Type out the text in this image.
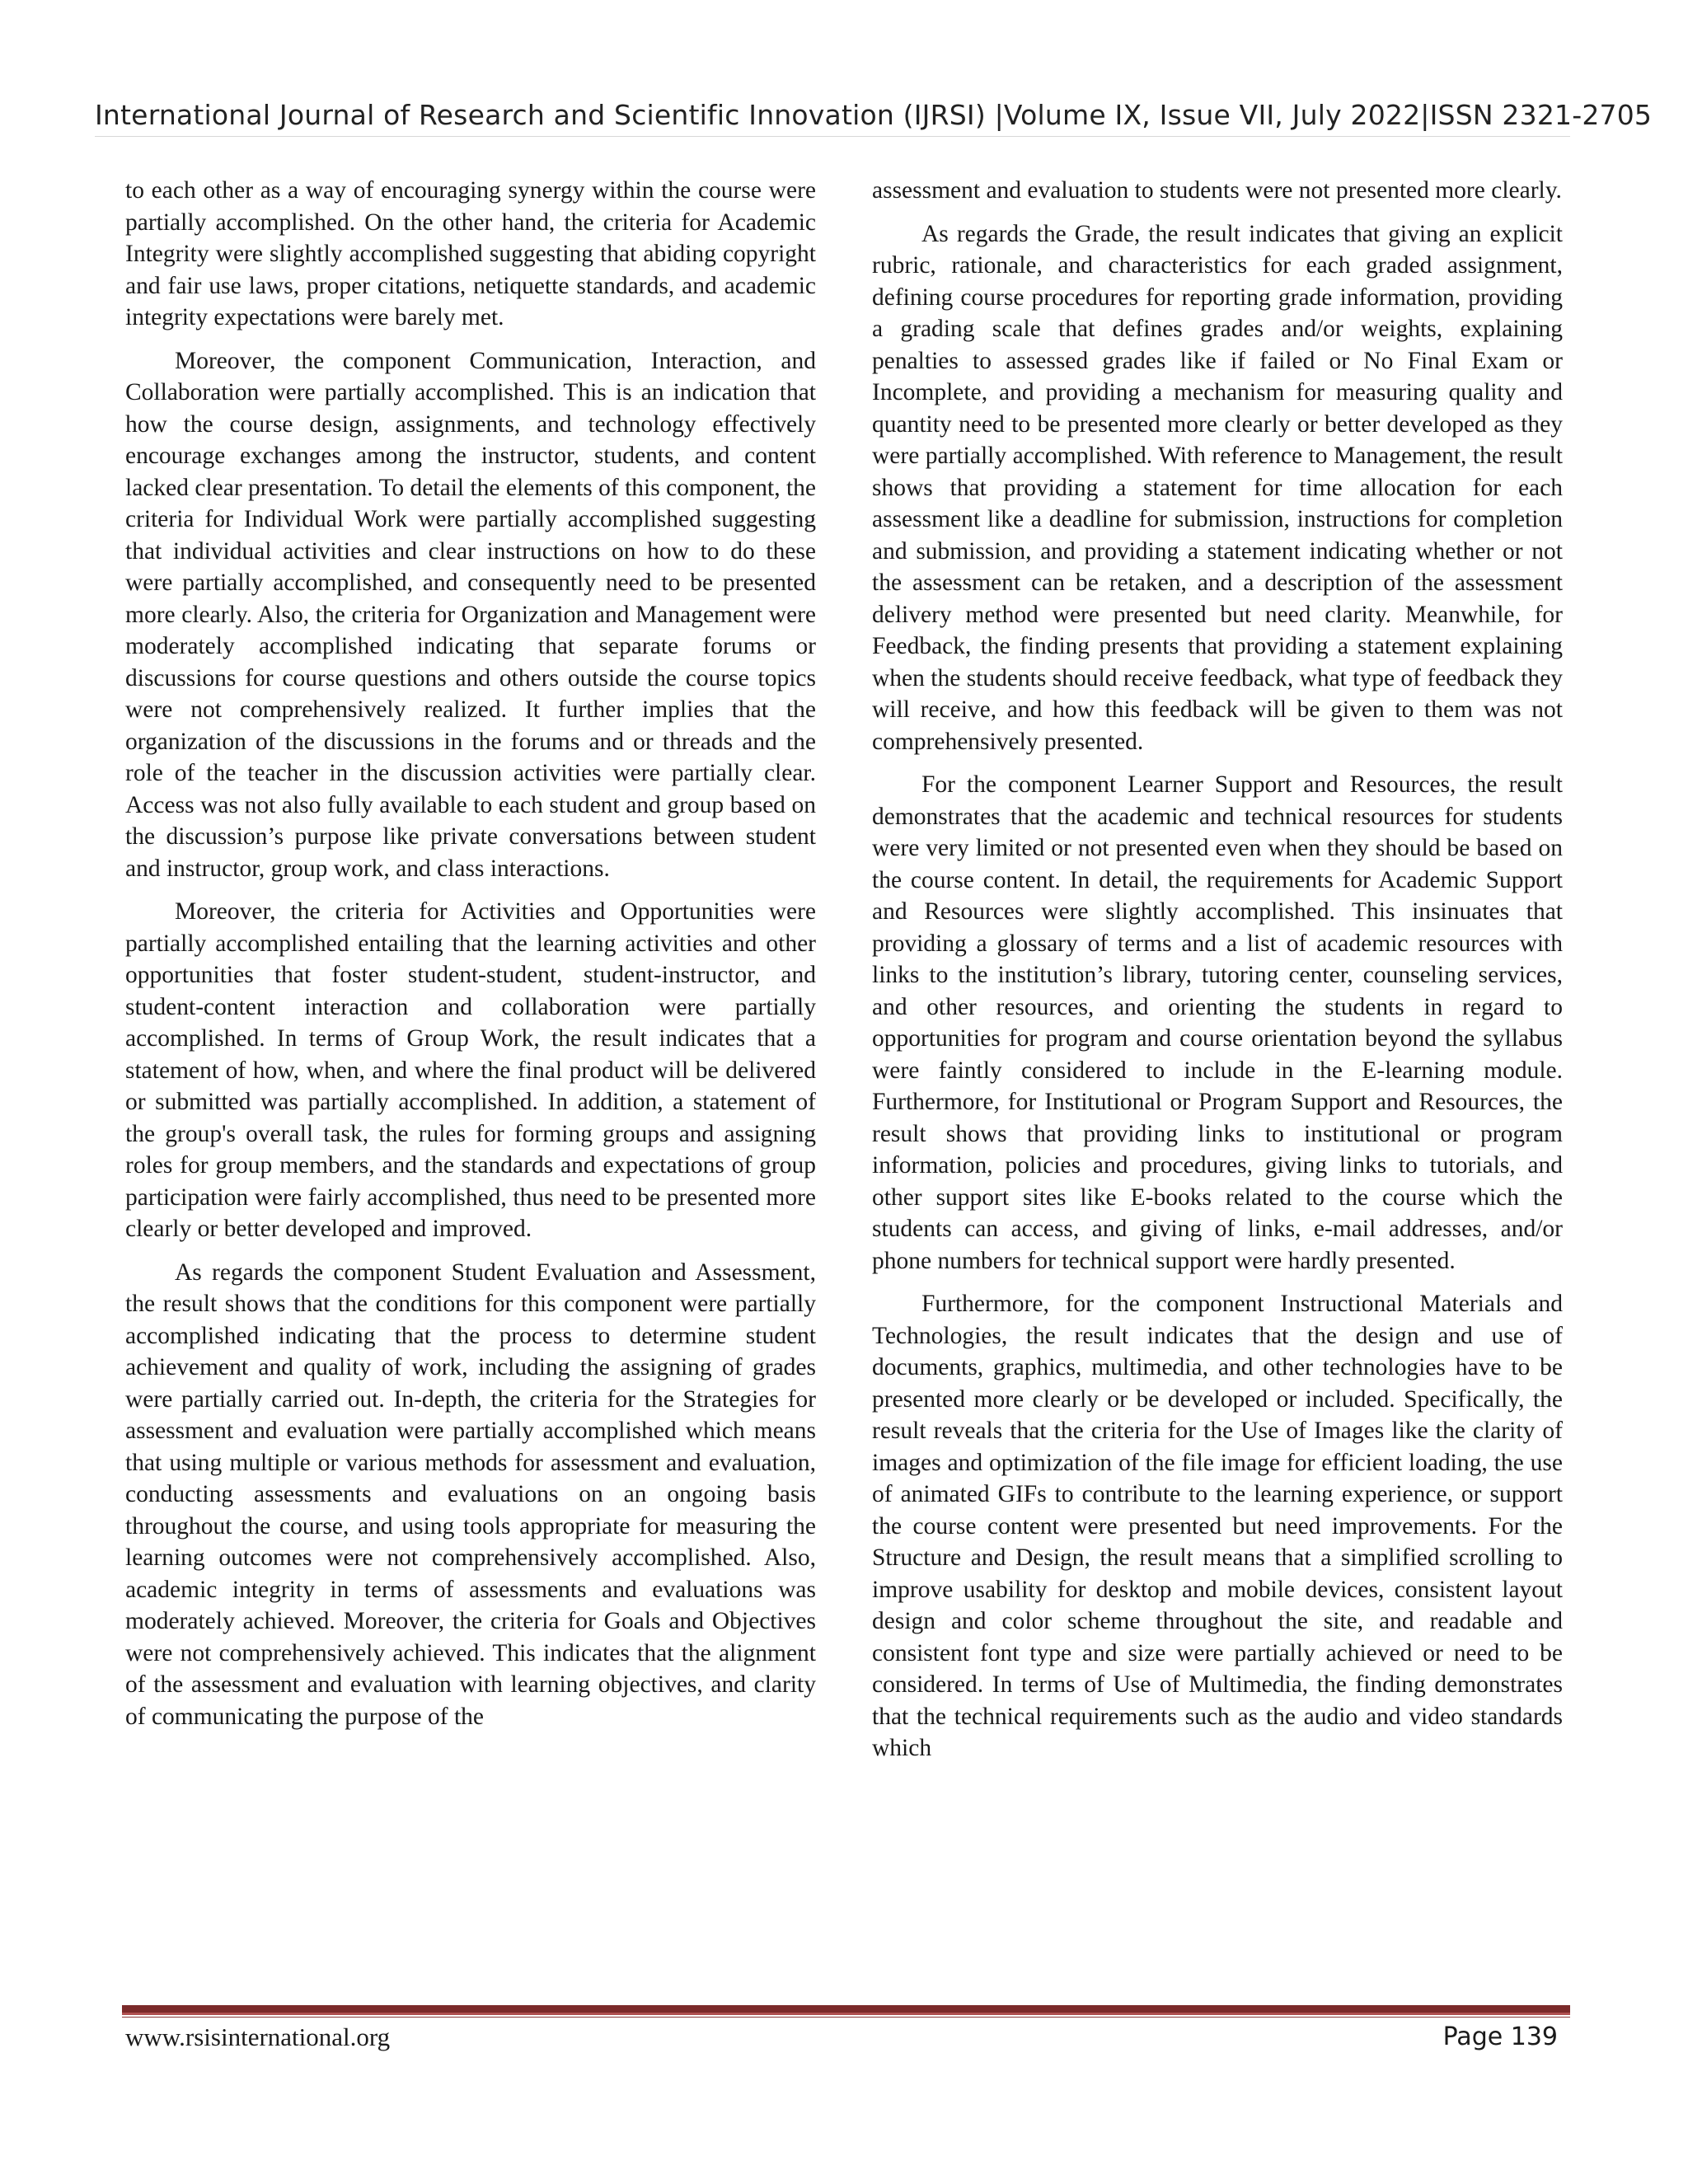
International Journal of Research and Scientific Innovation (IJRSI) |Volume IX, Issue VII, July 2022|ISSN 2321-2705

to each other as a way of encouraging synergy within the course were partially accomplished. On the other hand, the criteria for Academic Integrity were slightly accomplished suggesting that abiding copyright and fair use laws, proper citations, netiquette standards, and academic integrity expectations were barely met.

Moreover, the component Communication, Interaction, and Collaboration were partially accomplished. This is an indication that how the course design, assignments, and technology effectively encourage exchanges among the instructor, students, and content lacked clear presentation. To detail the elements of this component, the criteria for Individual Work were partially accomplished suggesting that individual activities and clear instructions on how to do these were partially accomplished, and consequently need to be presented more clearly. Also, the criteria for Organization and Management were moderately accomplished indicating that separate forums or discussions for course questions and others outside the course topics were not comprehensively realized. It further implies that the organization of the discussions in the forums and or threads and the role of the teacher in the discussion activities were partially clear. Access was not also fully available to each student and group based on the discussion’s purpose like private conversations between student and instructor, group work, and class interactions.

Moreover, the criteria for Activities and Opportunities were partially accomplished entailing that the learning activities and other opportunities that foster student-student, student-instructor, and student-content interaction and collaboration were partially accomplished. In terms of Group Work, the result indicates that a statement of how, when, and where the final product will be delivered or submitted was partially accomplished. In addition, a statement of the group's overall task, the rules for forming groups and assigning roles for group members, and the standards and expectations of group participation were fairly accomplished, thus need to be presented more clearly or better developed and improved.

As regards the component Student Evaluation and Assessment, the result shows that the conditions for this component were partially accomplished indicating that the process to determine student achievement and quality of work, including the assigning of grades were partially carried out. In-depth, the criteria for the Strategies for assessment and evaluation were partially accomplished which means that using multiple or various methods for assessment and evaluation, conducting assessments and evaluations on an ongoing basis throughout the course, and using tools appropriate for measuring the learning outcomes were not comprehensively accomplished. Also, academic integrity in terms of assessments and evaluations was moderately achieved. Moreover, the criteria for Goals and Objectives were not comprehensively achieved. This indicates that the alignment of the assessment and evaluation with learning objectives, and clarity of communicating the purpose of the

assessment and evaluation to students were not presented more clearly.

As regards the Grade, the result indicates that giving an explicit rubric, rationale, and characteristics for each graded assignment, defining course procedures for reporting grade information, providing a grading scale that defines grades and/or weights, explaining penalties to assessed grades like if failed or No Final Exam or Incomplete, and providing a mechanism for measuring quality and quantity need to be presented more clearly or better developed as they were partially accomplished. With reference to Management, the result shows that providing a statement for time allocation for each assessment like a deadline for submission, instructions for completion and submission, and providing a statement indicating whether or not the assessment can be retaken, and a description of the assessment delivery method were presented but need clarity. Meanwhile, for Feedback, the finding presents that providing a statement explaining when the students should receive feedback, what type of feedback they will receive, and how this feedback will be given to them was not comprehensively presented.

For the component Learner Support and Resources, the result demonstrates that the academic and technical resources for students were very limited or not presented even when they should be based on the course content. In detail, the requirements for Academic Support and Resources were slightly accomplished. This insinuates that providing a glossary of terms and a list of academic resources with links to the institution’s library, tutoring center, counseling services, and other resources, and orienting the students in regard to opportunities for program and course orientation beyond the syllabus were faintly considered to include in the E-learning module. Furthermore, for Institutional or Program Support and Resources, the result shows that providing links to institutional or program information, policies and procedures, giving links to tutorials, and other support sites like E-books related to the course which the students can access, and giving of links, e-mail addresses, and/or phone numbers for technical support were hardly presented.

Furthermore, for the component Instructional Materials and Technologies, the result indicates that the design and use of documents, graphics, multimedia, and other technologies have to be presented more clearly or be developed or included. Specifically, the result reveals that the criteria for the Use of Images like the clarity of images and optimization of the file image for efficient loading, the use of animated GIFs to contribute to the learning experience, or support the course content were presented but need improvements. For the Structure and Design, the result means that a simplified scrolling to improve usability for desktop and mobile devices, consistent layout design and color scheme throughout the site, and readable and consistent font type and size were partially achieved or need to be considered. In terms of Use of Multimedia, the finding demonstrates that the technical requirements such as the audio and video standards which

www.rsisinternational.org	Page 139
